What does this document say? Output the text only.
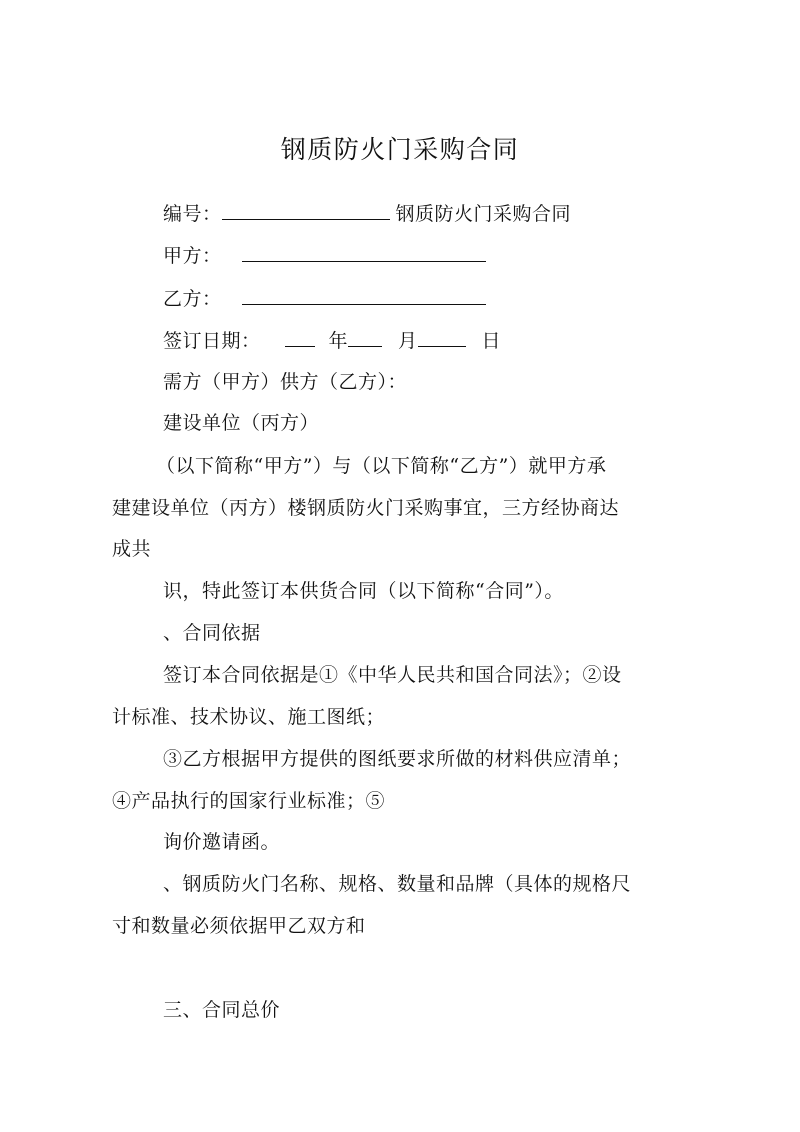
钢质防火门采购合同
编号：	钢质防火门采购合同
甲方：
乙方：
签订日期：	年	月	日
需方（甲方）供方（乙方）：
建设单位（丙方）
（以下简称“甲方”）与（以下简称“乙方”）就甲方承
建建设单位（丙方）楼钢质防火门采购事宜，三方经协商达
成共
识，特此签订本供货合同（以下简称“合同”）。
、合同依据
签订本合同依据是①《中华人民共和国合同法》；②设
计标准、技术协议、施工图纸；
③乙方根据甲方提供的图纸要求所做的材料供应清单；
④产品执行的国家行业标准；⑤
询价邀请函。
、钢质防火门名称、规格、数量和品牌（具体的规格尺
寸和数量必须依据甲乙双方和
三、合同总价
